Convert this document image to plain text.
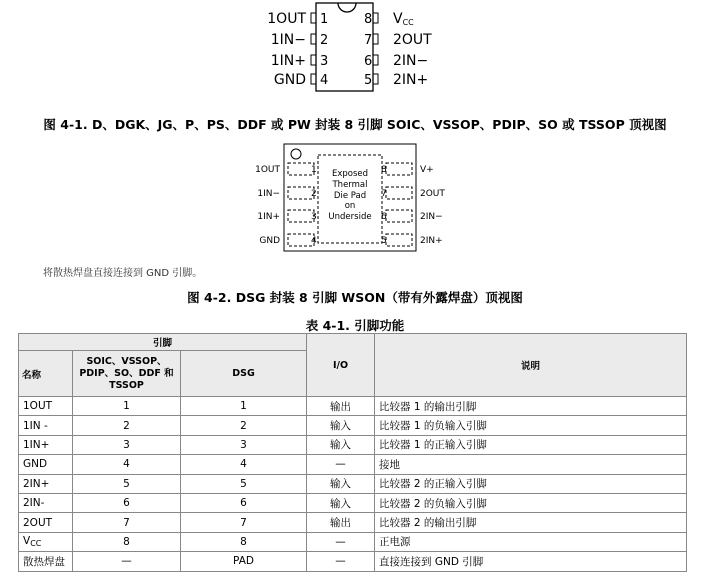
1OUT
1IN−
1IN+
GND
1
2
3
4
8
7
6
5
$V_{CC}$
2OUT
2IN−
2IN+
图 4-1. D、DGK、JG、P、PS、DDF 或 PW 封装 8 引脚 SOIC、VSSOP、PDIP、SO 或 TSSOP 顶视图
1OUT
1IN−
1IN+
GND
1
2
3
4
8
7
6
5
V+
2OUT
2IN−
2IN+
Exposed
Thermal
Die Pad
on
Underside
将散热焊盘直接连接到 GND 引脚。
图 4-2. DSG 封装 8 引脚 WSON（带有外露焊盘）顶视图
表 4-1. 引脚功能
引脚			I/O	说明
名称	SOIC、VSSOP、PDIP、SO、DDF 和 TSSOP	DSG		
1OUT	1	1	输出	比较器 1 的输出引脚
1IN -	2	2	输入	比较器 1 的负输入引脚
1IN+	3	3	输入	比较器 1 的正输入引脚
GND	4	4	—	接地
2IN+	5	5	输入	比较器 2 的正输入引脚
2IN-	6	6	输入	比较器 2 的负输入引脚
2OUT	7	7	输出	比较器 2 的输出引脚
$V_{CC}$	8	8	—	正电源
散热焊盘	—	PAD	—	直接连接到 GND 引脚
